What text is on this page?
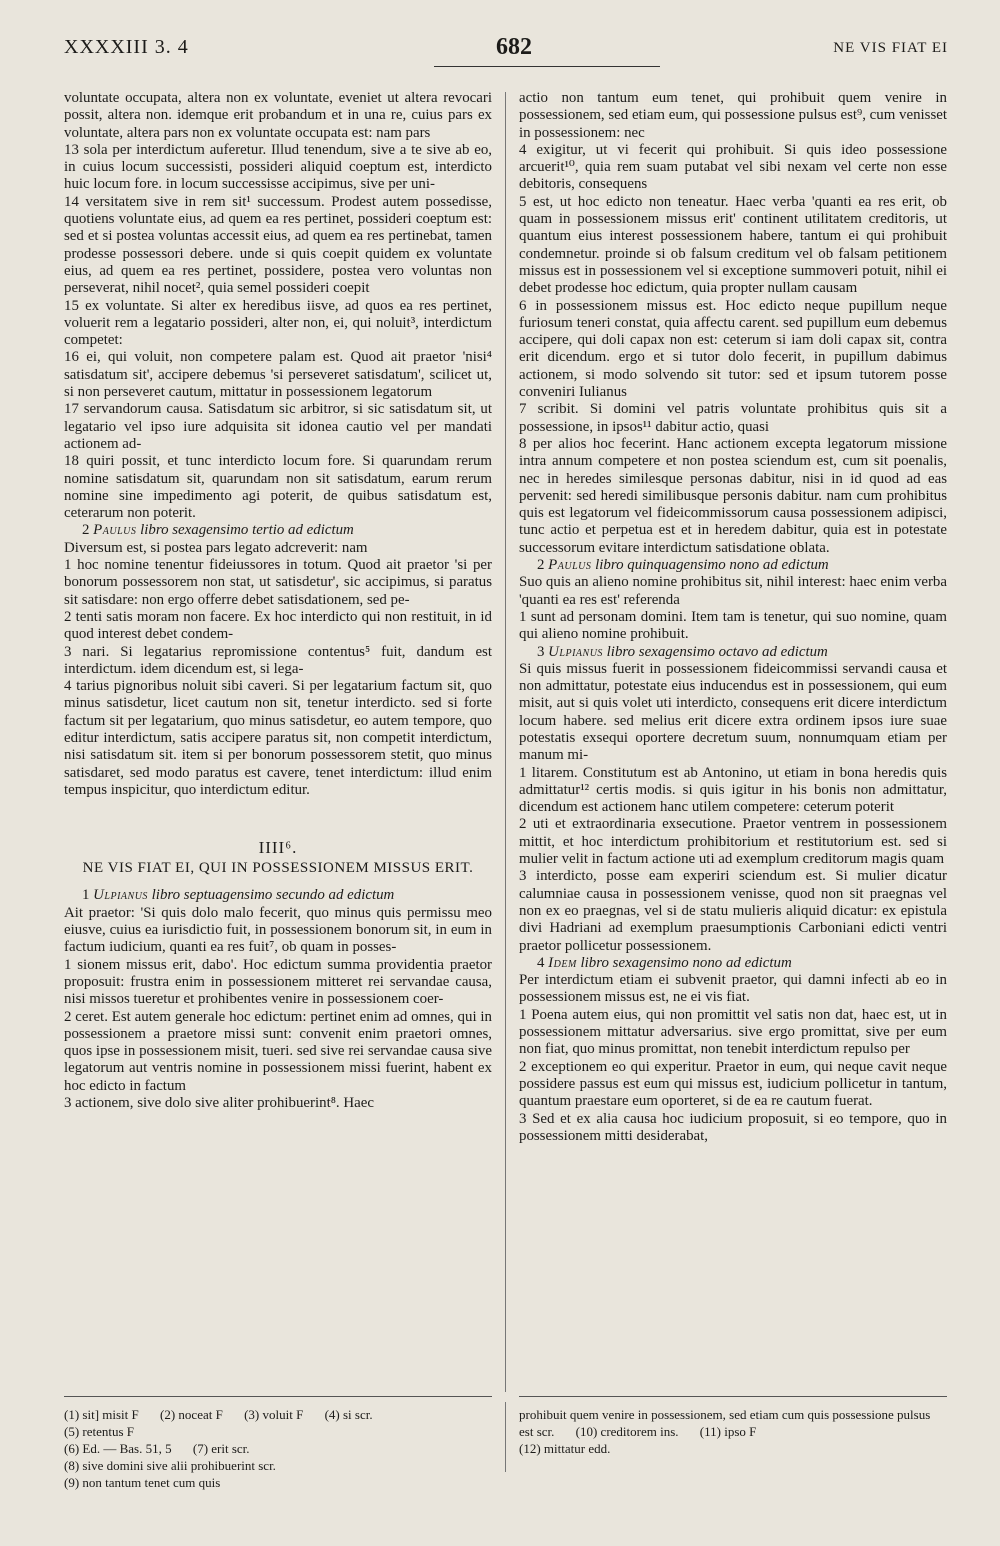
XXXXIII 3. 4	682	NE VIS FIAT EI

voluntate occupata, altera non ex voluntate, eveniet ut altera revocari possit, altera non. idemque erit probandum et in una re, cuius pars ex voluntate, altera pars non ex voluntate occupata est: nam pars

13 sola per interdictum auferetur. Illud tenendum, sive a te sive ab eo, in cuius locum successisti, possideri aliquid coeptum est, interdicto huic locum fore. in locum successisse accipimus, sive per uni-

14 versitatem sive in rem sit¹ successum. Prodest autem possedisse, quotiens voluntate eius, ad quem ea res pertinet, possideri coeptum est: sed et si postea voluntas accessit eius, ad quem ea res pertinebat, tamen prodesse possessori debere. unde si quis coepit quidem ex voluntate eius, ad quem ea res pertinet, possidere, postea vero voluntas non perseverat, nihil nocet², quia semel possideri coepit

15 ex voluntate. Si alter ex heredibus iisve, ad quos ea res pertinet, voluerit rem a legatario possideri, alter non, ei, qui noluit³, interdictum competet:

16 ei, qui voluit, non competere palam est. Quod ait praetor 'nisi⁴ satisdatum sit', accipere debemus 'si perseveret satisdatum', scilicet ut, si non perseveret cautum, mittatur in possessionem legatorum

17 servandorum causa. Satisdatum sic arbitror, si sic satisdatum sit, ut legatario vel ipso iure adquisita sit idonea cautio vel per mandati actionem ad-

18 quiri possit, et tunc interdicto locum fore. Si quarundam rerum nomine satisdatum sit, quarundam non sit satisdatum, earum rerum nomine sine impedimento agi poterit, de quibus satisdatum est, ceterarum non poterit.

2 Paulus libro sexagensimo tertio ad edictum

Diversum est, si postea pars legato adcreverit: nam

1 hoc nomine tenentur fideiussores in totum. Quod ait praetor 'si per bonorum possessorem non stat, ut satisdetur', sic accipimus, si paratus sit satisdare: non ergo offerre debet satisdationem, sed pe-

2 tenti satis moram non facere. Ex hoc interdicto qui non restituit, in id quod interest debet condem-

3 nari. Si legatarius repromissione contentus⁵ fuit, dandum est interdictum. idem dicendum est, si lega-

4 tarius pignoribus noluit sibi caveri. Si per legatarium factum sit, quo minus satisdetur, licet cautum non sit, tenetur interdicto. sed si forte factum sit per legatarium, quo minus satisdetur, eo autem tempore, quo editur interdictum, satis accipere paratus sit, non competit interdictum, nisi satisdatum sit. item si per bonorum possessorem stetit, quo minus satisdaret, sed modo paratus est cavere, tenet interdictum: illud enim tempus inspicitur, quo interdictum editur.

IIII⁶.
NE VIS FIAT EI, QUI IN POSSESSIONEM MISSUS ERIT.

1 Ulpianus libro septuagensimo secundo ad edictum

Ait praetor: 'Si quis dolo malo fecerit, quo minus quis permissu meo eiusve, cuius ea iurisdictio fuit, in possessionem bonorum sit, in eum in factum iudicium, quanti ea res fuit⁷, ob quam in posses-

1 sionem missus erit, dabo'. Hoc edictum summa providentia praetor proposuit: frustra enim in possessionem mitteret rei servandae causa, nisi missos tueretur et prohibentes venire in possessionem coer-

2 ceret. Est autem generale hoc edictum: pertinet enim ad omnes, qui in possessionem a praetore missi sunt: convenit enim praetori omnes, quos ipse in possessionem misit, tueri. sed sive rei servandae causa sive legatorum aut ventris nomine in possessionem missi fuerint, habent ex hoc edicto in factum

3 actionem, sive dolo sive aliter prohibuerint⁸. Haec

actio non tantum eum tenet, qui prohibuit quem venire in possessionem, sed etiam eum, qui possessione pulsus est⁹, cum venisset in possessionem: nec

4 exigitur, ut vi fecerit qui prohibuit. Si quis ideo possessione arcuerit¹⁰, quia rem suam putabat vel sibi nexam vel certe non esse debitoris, consequens

5 est, ut hoc edicto non teneatur. Haec verba 'quanti ea res erit, ob quam in possessionem missus erit' continent utilitatem creditoris, ut quantum eius interest possessionem habere, tantum ei qui prohibuit condemnetur. proinde si ob falsum creditum vel ob falsam petitionem missus est in possessionem vel si exceptione summoveri potuit, nihil ei debet prodesse hoc edictum, quia propter nullam causam

6 in possessionem missus est. Hoc edicto neque pupillum neque furiosum teneri constat, quia affectu carent. sed pupillum eum debemus accipere, qui doli capax non est: ceterum si iam doli capax sit, contra erit dicendum. ergo et si tutor dolo fecerit, in pupillum dabimus actionem, si modo solvendo sit tutor: sed et ipsum tutorem posse conveniri Iulianus

7 scribit. Si domini vel patris voluntate prohibitus quis sit a possessione, in ipsos¹¹ dabitur actio, quasi

8 per alios hoc fecerint. Hanc actionem excepta legatorum missione intra annum competere et non postea sciendum est, cum sit poenalis, nec in heredes similesque personas dabitur, nisi in id quod ad eas pervenit: sed heredi similibusque personis dabitur. nam cum prohibitus quis est legatorum vel fideicommissorum causa possessionem adipisci, tunc actio et perpetua est et in heredem dabitur, quia est in potestate successorum evitare interdictum satisdatione oblata.

2 Paulus libro quinquagensimo nono ad edictum

Suo quis an alieno nomine prohibitus sit, nihil interest: haec enim verba 'quanti ea res est' referenda

1 sunt ad personam domini. Item tam is tenetur, qui suo nomine, quam qui alieno nomine prohibuit.

3 Ulpianus libro sexagensimo octavo ad edictum

Si quis missus fuerit in possessionem fideicommissi servandi causa et non admittatur, potestate eius inducendus est in possessionem, qui eum misit, aut si quis volet uti interdicto, consequens erit dicere interdictum locum habere. sed melius erit dicere extra ordinem ipsos iure suae potestatis exsequi oportere decretum suum, nonnumquam etiam per manum mi-

1 litarem. Constitutum est ab Antonino, ut etiam in bona heredis quis admittatur¹² certis modis. si quis igitur in his bonis non admittatur, dicendum est actionem hanc utilem competere: ceterum poterit

2 uti et extraordinaria exsecutione. Praetor ventrem in possessionem mittit, et hoc interdictum prohibitorium et restitutorium est. sed si mulier velit in factum actione uti ad exemplum creditorum magis quam

3 interdicto, posse eam experiri sciendum est. Si mulier dicatur calumniae causa in possessionem venisse, quod non sit praegnas vel non ex eo praegnas, vel si de statu mulieris aliquid dicatur: ex epistula divi Hadriani ad exemplum praesumptionis Carboniani edicti ventri praetor pollicetur possessionem.

4 Idem libro sexagensimo nono ad edictum

Per interdictum etiam ei subvenit praetor, qui damni infecti ab eo in possessionem missus est, ne ei vis fiat.

1 Poena autem eius, qui non promittit vel satis non dat, haec est, ut in possessionem mittatur adversarius. sive ergo promittat, sive per eum non fiat, quo minus promittat, non tenebit interdictum repulso per

2 exceptionem eo qui experitur. Praetor in eum, qui neque cavit neque possidere passus est eum qui missus est, iudicium pollicetur in tantum, quantum praestare eum oporteret, si de ea re cautum fuerat.

3 Sed et ex alia causa hoc iudicium proposuit, si eo tempore, quo in possessionem mitti desiderabat,

(1) sit] misit F (2) noceat F (3) voluit F (4) si scr.
(5) retentus F
(6) Ed. — Bas. 51, 5 (7) erit scr.
(8) sive domini sive alii prohibuerint scr.
(9) non tantum tenet cum quis
prohibuit quem venire in possessionem, sed etiam cum quis possessione pulsus est scr. (10) creditorem ins. (11) ipso F
(12) mittatur edd.
